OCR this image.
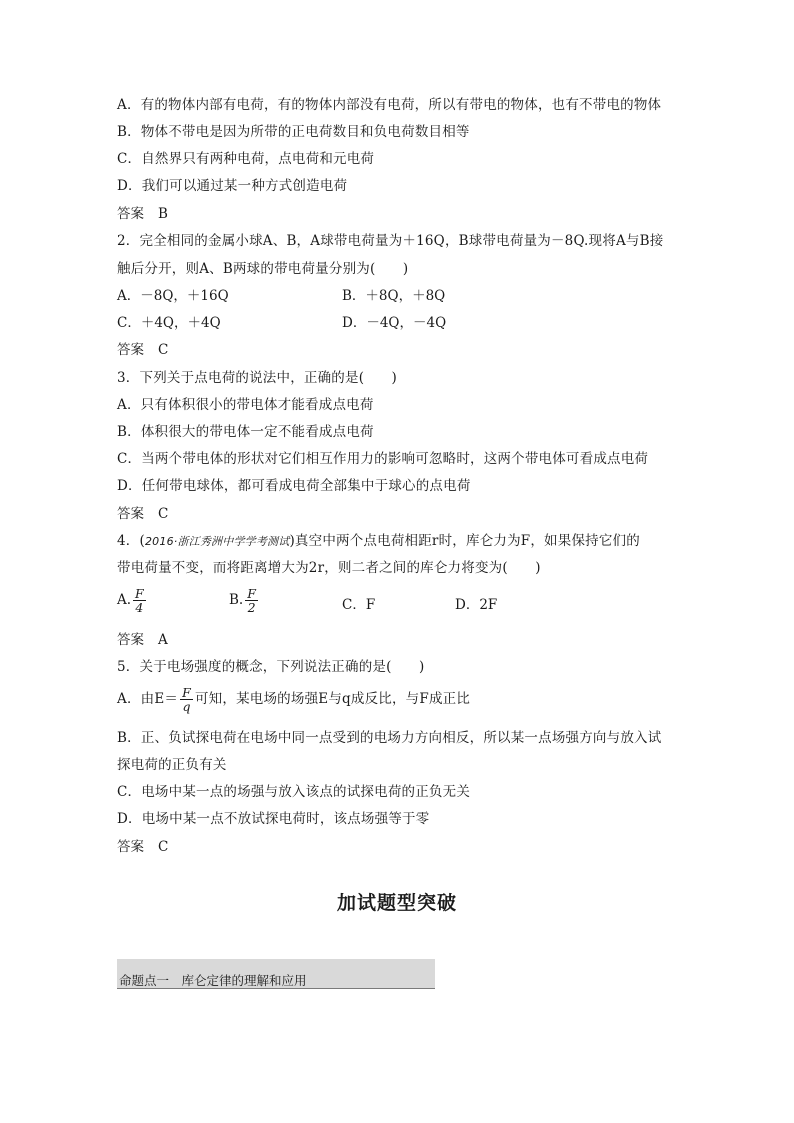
A．有的物体内部有电荷，有的物体内部没有电荷，所以有带电的物体，也有不带电的物体
B．物体不带电是因为所带的正电荷数目和负电荷数目相等
C．自然界只有两种电荷，点电荷和元电荷
D．我们可以通过某一种方式创造电荷
答案 B
2．完全相同的金属小球A、B，A球带电荷量为＋16Q，B球带电荷量为－8Q.现将A与B接
触后分开，则A、B两球的带电荷量分别为(　　)
A．－8Q，＋16Q	B．＋8Q，＋8Q
C．＋4Q，＋4Q	D．－4Q，－4Q
答案 C
3．下列关于点电荷的说法中，正确的是(　　)
A．只有体积很小的带电体才能看成点电荷
B．体积很大的带电体一定不能看成点电荷
C．当两个带电体的形状对它们相互作用力的影响可忽略时，这两个带电体可看成点电荷
D．任何带电球体，都可看成电荷全部集中于球心的点电荷
答案 C
4．(2016·浙江秀洲中学学考测试)真空中两个点电荷相距r时，库仑力为F，如果保持它们的
带电荷量不变，而将距离增大为2r，则二者之间的库仑力将变为(　　)
A. $\frac{F}{4}$	B. $\frac{F}{2}$	C．F	D．2F
答案 A
5．关于电场强度的概念，下列说法正确的是(　　)
A．由$E= \frac{F}{q}$ 可知，某电场的场强E与q成反比，与F成正比
B．正、负试探电荷在电场中同一点受到的电场力方向相反，所以某一点场强方向与放入试
探电荷的正负有关
C．电场中某一点的场强与放入该点的试探电荷的正负无关
D．电场中某一点不放试探电荷时，该点场强等于零
答案 C
加试题型突破
命题点一　库仑定律的理解和应用
